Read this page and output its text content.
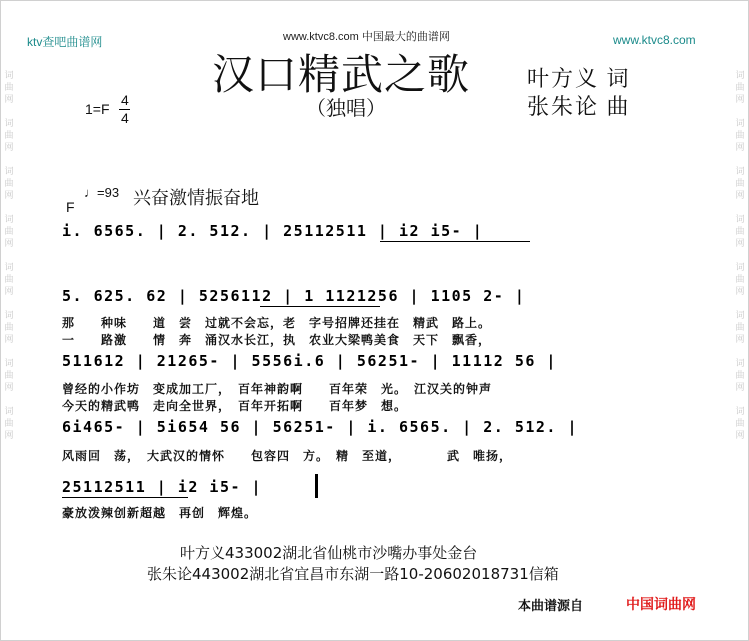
词曲网

词曲网

词曲网

词曲网

词曲网

词曲网

词曲网

词曲网
词曲网

词曲网

词曲网

词曲网

词曲网

词曲网

词曲网

词曲网
www.ktvc8.com 中国最大的曲谱网
ktv查吧曲谱网	www.ktvc8.com
汉口精武之歌
（独唱）
叶方义 词
张朱论 曲
1=F
4
4
♩=93 兴奋激情振奋地
F
i. 6565. | 2. 512. | 25112511 | i2 i5- |
5. 625. 62 | 5256112 | 1 1121256 | 1105 2- |
那　　种味　　道　尝　过就不会忘，老　字号招牌还挂在　精武　路上。
一　　路激　　情　奔　涌汉水长江，执　农业大梁鸭美食　天下　飘香，
511612 | 21265- | 5556i.6 | 56251- | 11112 56 |
曾经的小作坊　变成加工厂，　百年神韵啊　　百年荣　光。　江汉关的钟声
今天的精武鸭　走向全世界，　百年开拓啊　　百年梦　想。
6i465- | 5i654 56 | 56251- | i. 6565. | 2. 512. |
风雨回　荡，　大武汉的情怀　　包容四　方。　精　至道，　　　　武　唯扬，
25112511 | i2 i5- |
豪放泼辣创新超越　再创　辉煌。
叶方义433002湖北省仙桃市沙嘴办事处金台
张朱论443002湖北省宜昌市东湖一路10-20602018731信箱
本曲谱源自	中国词曲网
